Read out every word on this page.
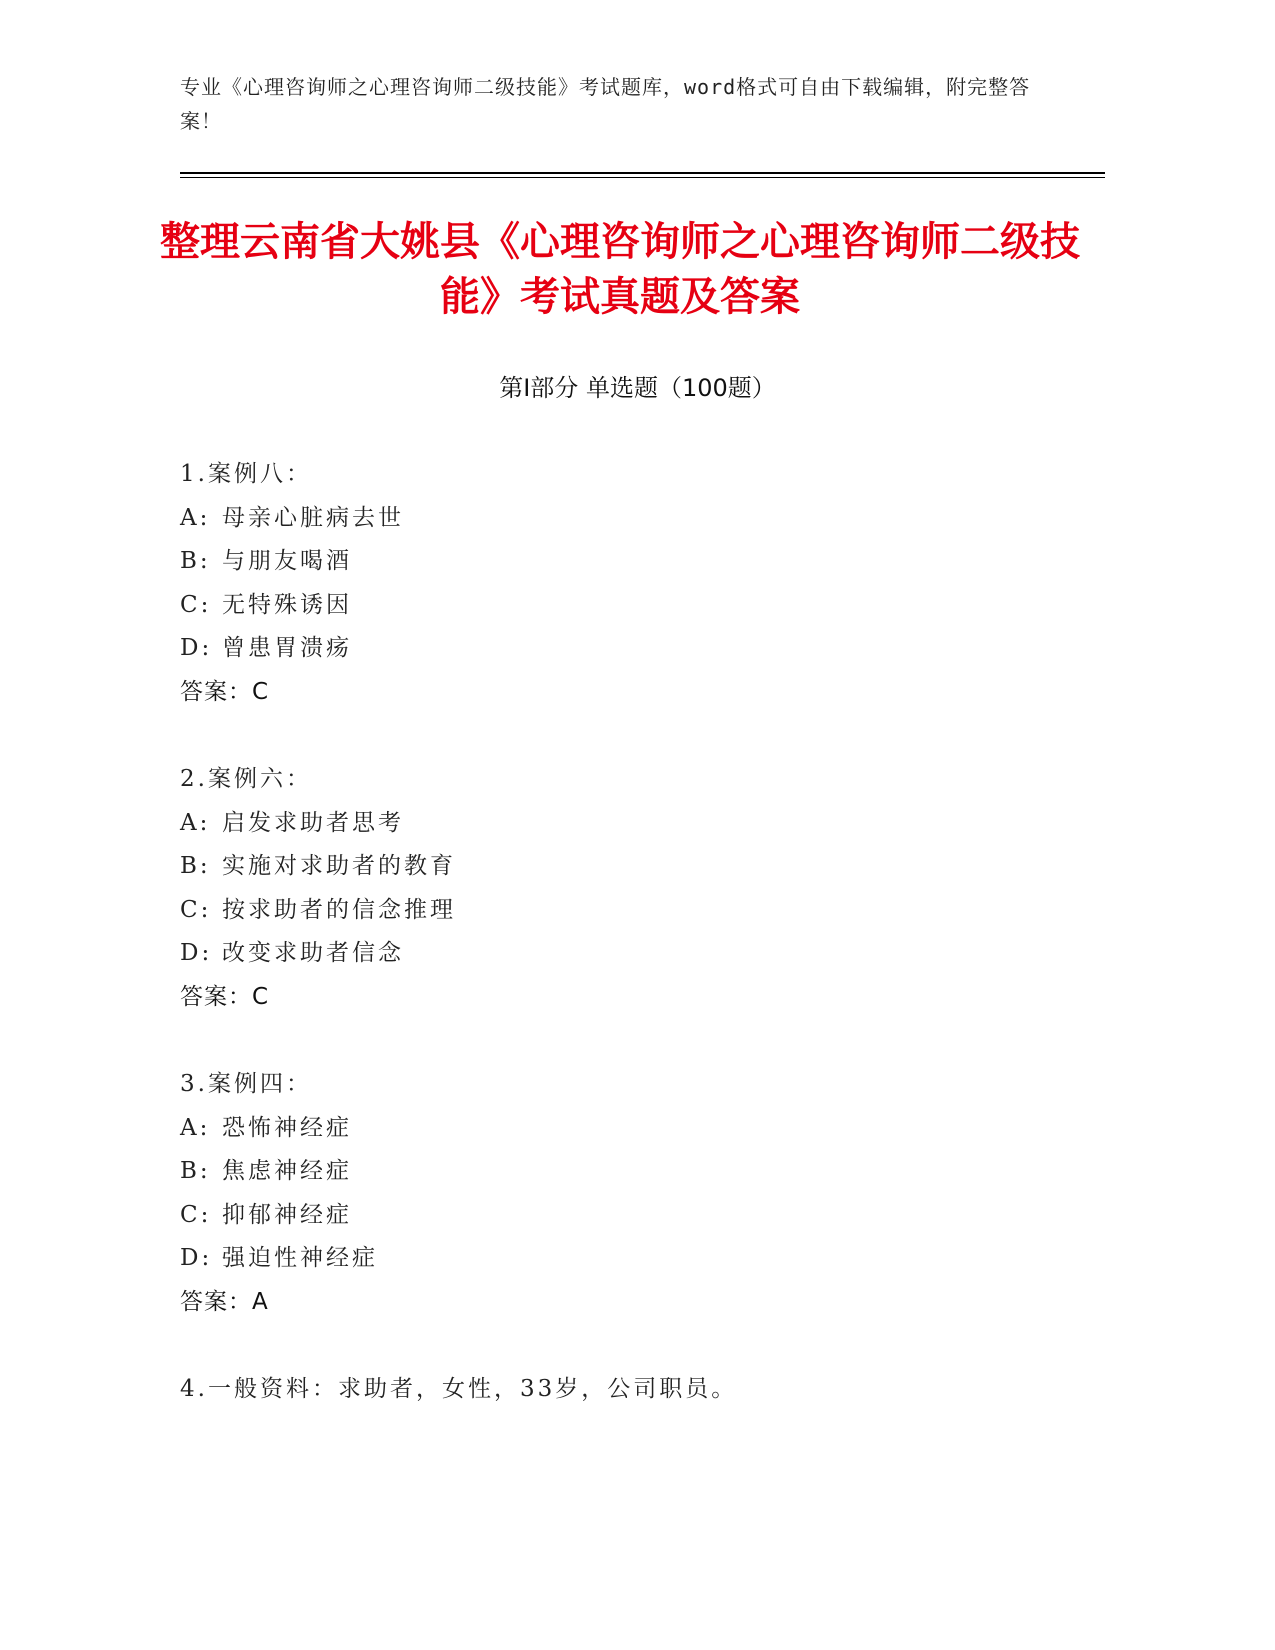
专业《心理咨询师之心理咨询师二级技能》考试题库，word格式可自由下载编辑，附完整答案！
整理云南省大姚县《心理咨询师之心理咨询师二级技能》考试真题及答案
第Ⅰ部分 单选题（100题）
1.案例八：
A: 母亲心脏病去世
B: 与朋友喝酒
C: 无特殊诱因
D: 曾患胃溃疡
答案：C
2.案例六：
A: 启发求助者思考
B: 实施对求助者的教育
C: 按求助者的信念推理
D: 改变求助者信念
答案：C
3.案例四：
A: 恐怖神经症
B: 焦虑神经症
C: 抑郁神经症
D: 强迫性神经症
答案：A
4.一般资料：求助者，女性，33岁，公司职员。
